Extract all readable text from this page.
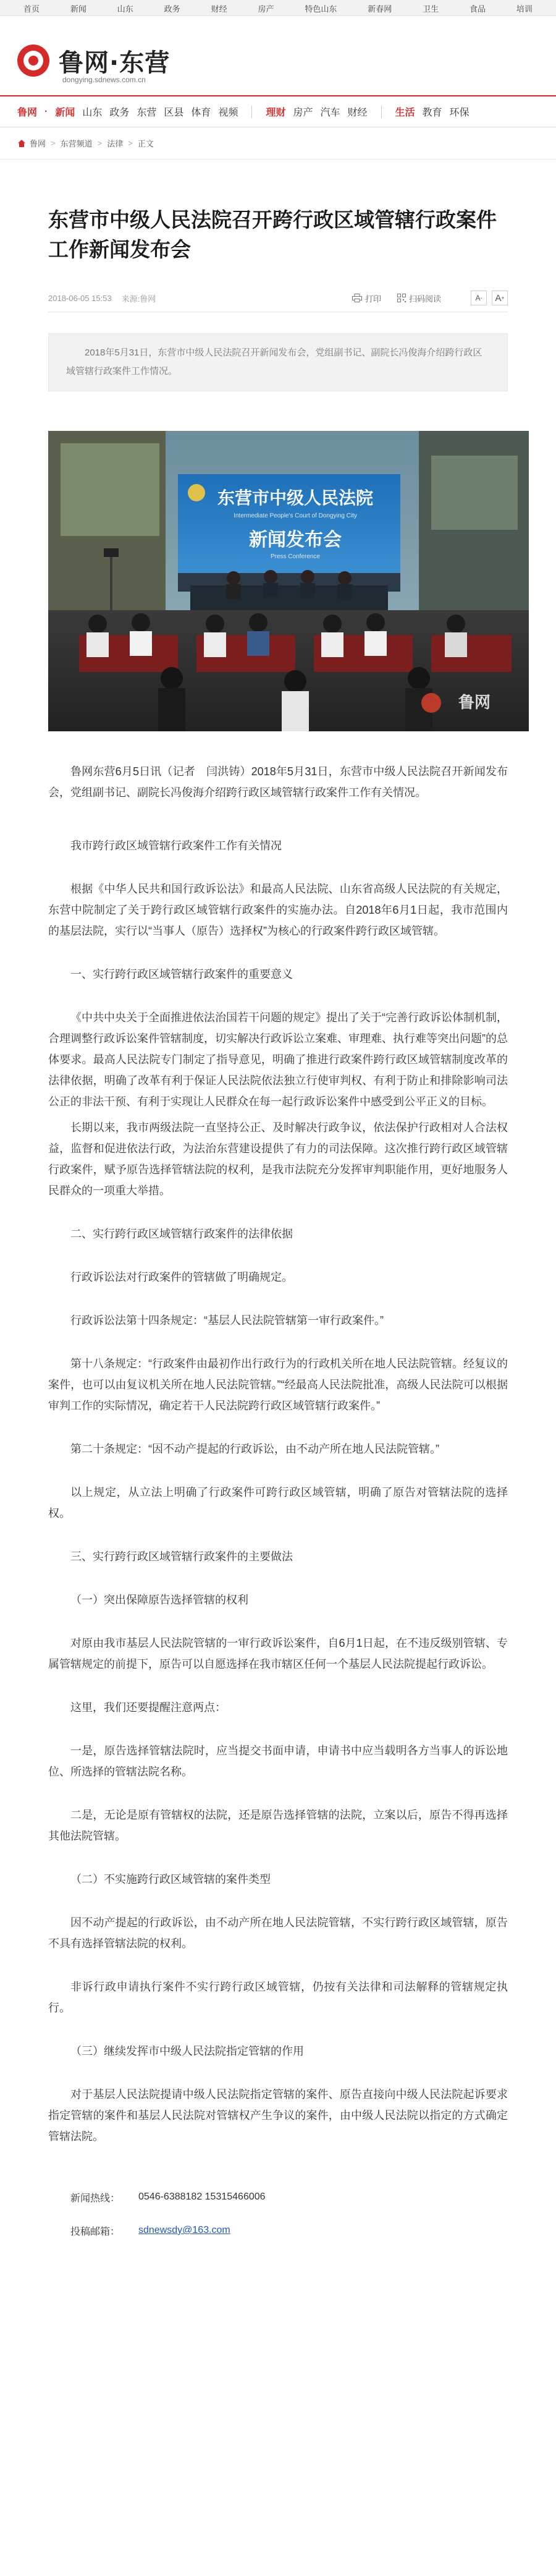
首页	新闻	山东	政务	财经	房产	特色山东	新春网	卫生	食品	培训
鲁网·东营
dongying.sdnews.com.cn
鲁网 · 新闻 山东 政务 东营 区县 体育 视频	理财 房产 汽车 财经	生活 教育 环保
鲁网 > 东营频道 > 法律 > 正文
东营市中级人民法院召开跨行政区域管辖行政案件工作新闻发布会
2018-06-05 15:53 来源:鲁网	打印	扫码阅读	A - A +
2018年5月31日，东营市中级人民法院召开新闻发布会，党组副书记、副院长冯俊海介绍跨行政区域管辖行政案件工作情况。
东营市中级人民法院
Intermediate People's Court of Dongying City
新闻发布会
Press Conference
鲁网

鲁网东营6月5日讯（记者　闫洪铸）2018年5月31日，东营市中级人民法院召开新闻发布会，党组副书记、副院长冯俊海介绍跨行政区域管辖行政案件工作有关情况。

我市跨行政区域管辖行政案件工作有关情况

根据《中华人民共和国行政诉讼法》和最高人民法院、山东省高级人民法院的有关规定，东营中院制定了关于跨行政区域管辖行政案件的实施办法。自2018年6月1日起，我市范围内的基层法院，实行以“当事人（原告）选择权”为核心的行政案件跨行政区域管辖。

一、实行跨行政区域管辖行政案件的重要意义

《中共中央关于全面推进依法治国若干问题的规定》提出了关于“完善行政诉讼体制机制，合理调整行政诉讼案件管辖制度，切实解决行政诉讼立案难、审理难、执行难等突出问题”的总体要求。最高人民法院专门制定了指导意见，明确了推进行政案件跨行政区域管辖制度改革的法律依据，明确了改革有利于保证人民法院依法独立行使审判权、有利于防止和排除影响司法公正的非法干预、有利于实现让人民群众在每一起行政诉讼案件中感受到公平正义的目标。

长期以来，我市两级法院一直坚持公正、及时解决行政争议，依法保护行政相对人合法权益，监督和促进依法行政，为法治东营建设提供了有力的司法保障。这次推行跨行政区域管辖行政案件，赋予原告选择管辖法院的权利，是我市法院充分发挥审判职能作用，更好地服务人民群众的一项重大举措。

二、实行跨行政区域管辖行政案件的法律依据

行政诉讼法对行政案件的管辖做了明确规定。

行政诉讼法第十四条规定：“基层人民法院管辖第一审行政案件。”

第十八条规定：“行政案件由最初作出行政行为的行政机关所在地人民法院管辖。经复议的案件，也可以由复议机关所在地人民法院管辖。”“经最高人民法院批准，高级人民法院可以根据审判工作的实际情况，确定若干人民法院跨行政区域管辖行政案件。”

第二十条规定：“因不动产提起的行政诉讼，由不动产所在地人民法院管辖。”

以上规定，从立法上明确了行政案件可跨行政区域管辖，明确了原告对管辖法院的选择权。

三、实行跨行政区域管辖行政案件的主要做法

（一）突出保障原告选择管辖的权利

对原由我市基层人民法院管辖的一审行政诉讼案件，自6月1日起，在不违反级别管辖、专属管辖规定的前提下，原告可以自愿选择在我市辖区任何一个基层人民法院提起行政诉讼。

这里，我们还要提醒注意两点：

一是，原告选择管辖法院时，应当提交书面申请，申请书中应当载明各方当事人的诉讼地位、所选择的管辖法院名称。

二是，无论是原有管辖权的法院，还是原告选择管辖的法院，立案以后，原告不得再选择其他法院管辖。

（二）不实施跨行政区域管辖的案件类型

因不动产提起的行政诉讼，由不动产所在地人民法院管辖，不实行跨行政区域管辖，原告不具有选择管辖法院的权利。

非诉行政申请执行案件不实行跨行政区域管辖，仍按有关法律和司法解释的管辖规定执行。

（三）继续发挥市中级人民法院指定管辖的作用

对于基层人民法院提请中级人民法院指定管辖的案件、原告直接向中级人民法院起诉要求指定管辖的案件和基层人民法院对管辖权产生争议的案件，由中级人民法院以指定的方式确定管辖法院。

新闻热线：	0546-6388182 15315466006
投稿邮箱：	sdnewsdy@163.com
